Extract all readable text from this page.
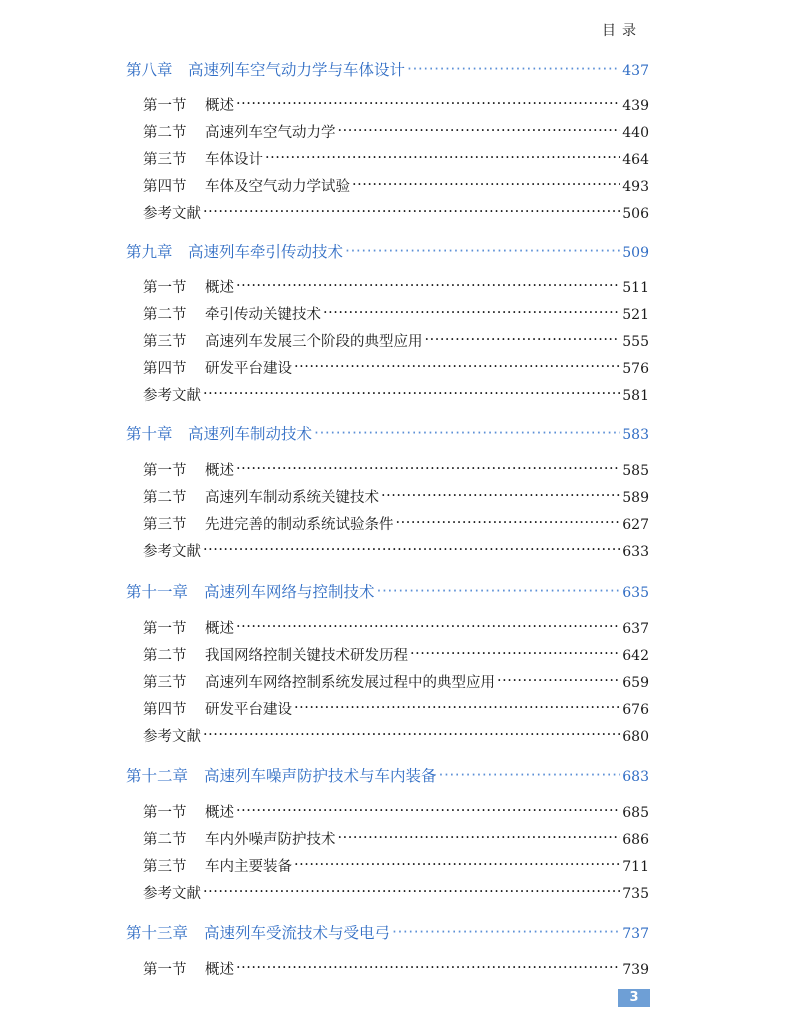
目录
第八章 高速列车空气动力学与车体设计 ·····	437
第一节 概述 ·····	439
第二节 高速列车空气动力学 ·····	440
第三节 车体设计 ·····	464
第四节 车体及空气动力学试验 ·····	493
参考文献 ·····	506
第九章 高速列车牵引传动技术 ·····	509
第一节 概述 ·····	511
第二节 牵引传动关键技术 ·····	521
第三节 高速列车发展三个阶段的典型应用 ·····	555
第四节 研发平台建设 ·····	576
参考文献 ·····	581
第十章 高速列车制动技术 ·····	583
第一节 概述 ·····	585
第二节 高速列车制动系统关键技术 ·····	589
第三节 先进完善的制动系统试验条件 ·····	627
参考文献 ·····	633
第十一章 高速列车网络与控制技术 ·····	635
第一节 概述 ·····	637
第二节 我国网络控制关键技术研发历程 ·····	642
第三节 高速列车网络控制系统发展过程中的典型应用 ·····	659
第四节 研发平台建设 ·····	676
参考文献 ·····	680
第十二章 高速列车噪声防护技术与车内装备 ·····	683
第一节 概述 ·····	685
第二节 车内外噪声防护技术 ·····	686
第三节 车内主要装备 ·····	711
参考文献 ·····	735
第十三章 高速列车受流技术与受电弓 ·····	737
第一节 概述 ·····	739
3
